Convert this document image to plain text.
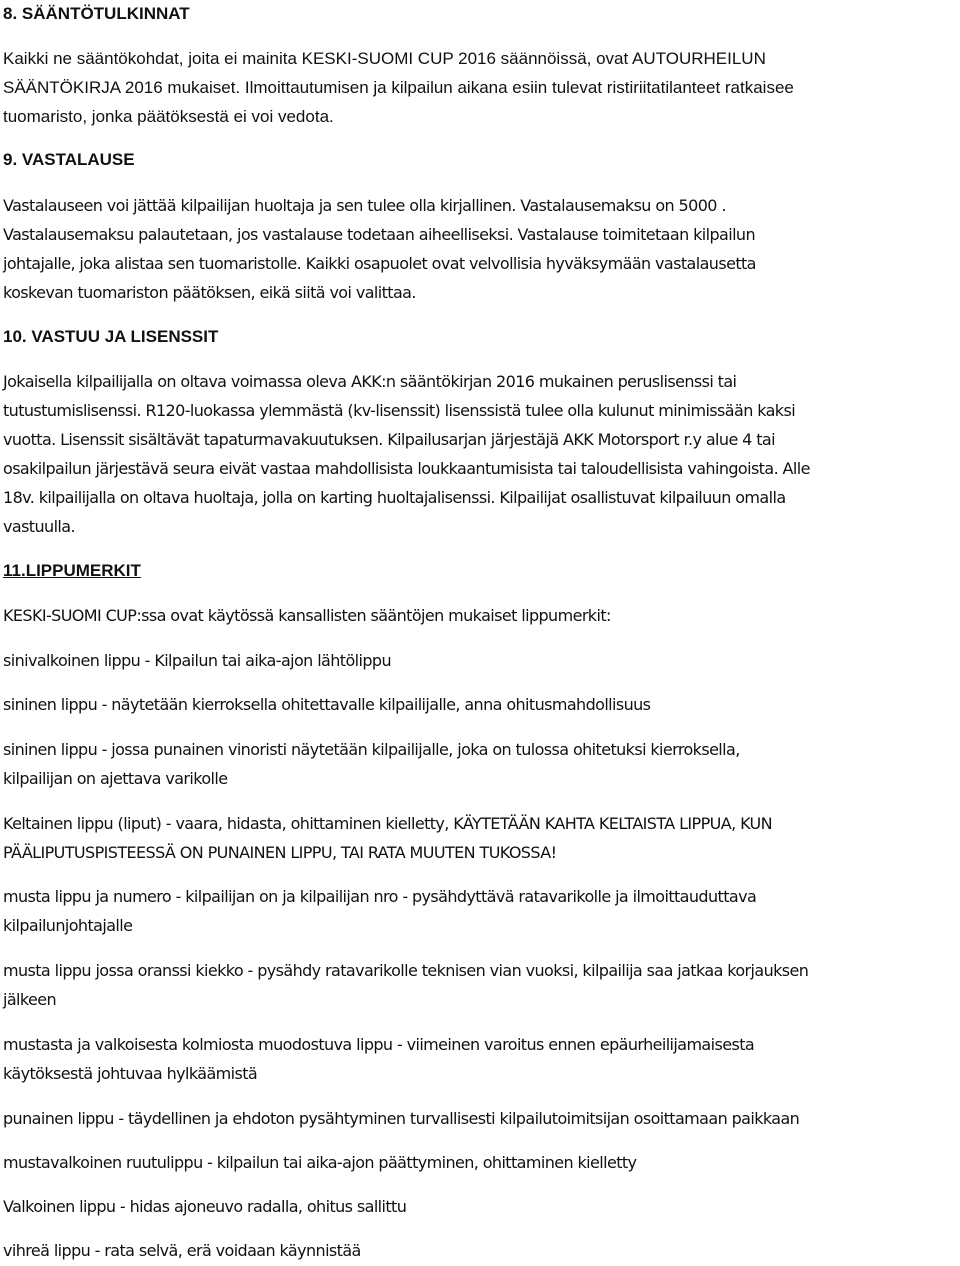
8. SÄÄNTÖTULKINNAT

Kaikki ne sääntökohdat, joita ei mainita KESKI-SUOMI CUP 2016 säännöissä, ovat AUTOURHEILUN
SÄÄNTÖKIRJA 2016 mukaiset. Ilmoittautumisen ja kilpailun aikana esiin tulevat ristiriitatilanteet ratkaisee
tuomaristo, jonka päätöksestä ei voi vedota.

9. VASTALAUSE

Vastalauseen voi jättää kilpailijan huoltaja ja sen tulee olla kirjallinen. Vastalausemaksu on 5000 .
Vastalausemaksu palautetaan, jos vastalause todetaan aiheelliseksi. Vastalause toimitetaan kilpailun
johtajalle, joka alistaa sen tuomaristolle. Kaikki osapuolet ovat velvollisia hyväksymään vastalausetta
koskevan tuomariston päätöksen, eikä siitä voi valittaa.

10. VASTUU JA LISENSSIT

Jokaisella kilpailijalla on oltava voimassa oleva AKK:n sääntökirjan 2016 mukainen peruslisenssi tai
tutustumislisenssi. R120-luokassa ylemmästä (kv-lisenssit) lisenssistä tulee olla kulunut minimissään kaksi
vuotta. Lisenssit sisältävät tapaturmavakuutuksen. Kilpailusarjan järjestäjä AKK Motorsport r.y alue 4 tai
osakilpailun järjestävä seura eivät vastaa mahdollisista loukkaantumisista tai taloudellisista vahingoista. Alle
18v. kilpailijalla on oltava huoltaja, jolla on karting huoltajalisenssi. Kilpailijat osallistuvat kilpailuun omalla
vastuulla.

11.LIPPUMERKIT

KESKI-SUOMI CUP:ssa ovat käytössä kansallisten sääntöjen mukaiset lippumerkit:

sinivalkoinen lippu - Kilpailun tai aika-ajon lähtölippu

sininen lippu - näytetään kierroksella ohitettavalle kilpailijalle, anna ohitusmahdollisuus

sininen lippu - jossa punainen vinoristi näytetään kilpailijalle, joka on tulossa ohitetuksi kierroksella,
kilpailijan on ajettava varikolle

Keltainen lippu (liput) - vaara, hidasta, ohittaminen kielletty, KÄYTETÄÄN KAHTA KELTAISTA LIPPUA, KUN
PÄÄLIPUTUSPISTEESSÄ ON PUNAINEN LIPPU, TAI RATA MUUTEN TUKOSSA!

musta lippu ja numero - kilpailijan on ja kilpailijan nro - pysähdyttävä ratavarikolle ja ilmoittauduttava
kilpailunjohtajalle

musta lippu jossa oranssi kiekko - pysähdy ratavarikolle teknisen vian vuoksi, kilpailija saa jatkaa korjauksen
jälkeen

mustasta ja valkoisesta kolmiosta muodostuva lippu - viimeinen varoitus ennen epäurheilijamaisesta
käytöksestä johtuvaa hylkäämistä

punainen lippu - täydellinen ja ehdoton pysähtyminen turvallisesti kilpailutoimitsijan osoittamaan paikkaan

mustavalkoinen ruutulippu - kilpailun tai aika-ajon päättyminen, ohittaminen kielletty

Valkoinen lippu - hidas ajoneuvo radalla, ohitus sallittu

vihreä lippu - rata selvä, erä voidaan käynnistää
